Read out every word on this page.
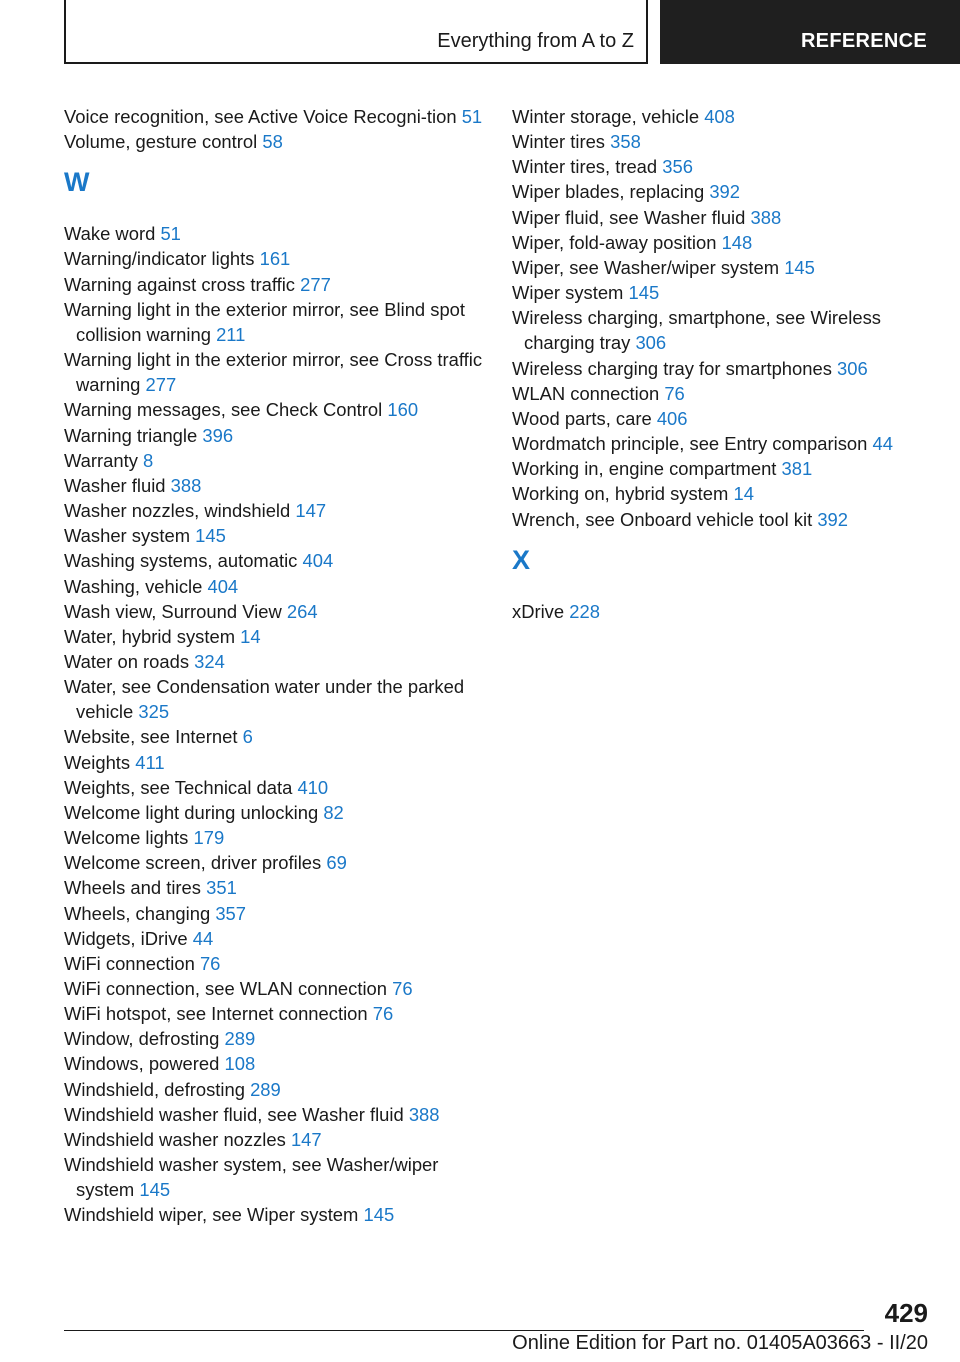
Everything from A to Z	REFERENCE
Voice recognition, see Active Voice Recogni-tion 51
Volume, gesture control 58
W
Wake word 51
Warning/indicator lights 161
Warning against cross traffic 277
Warning light in the exterior mirror, see Blind spot collision warning 211
Warning light in the exterior mirror, see Cross traffic warning 277
Warning messages, see Check Control 160
Warning triangle 396
Warranty 8
Washer fluid 388
Washer nozzles, windshield 147
Washer system 145
Washing systems, automatic 404
Washing, vehicle 404
Wash view, Surround View 264
Water, hybrid system 14
Water on roads 324
Water, see Condensation water under the parked vehicle 325
Website, see Internet 6
Weights 411
Weights, see Technical data 410
Welcome light during unlocking 82
Welcome lights 179
Welcome screen, driver profiles 69
Wheels and tires 351
Wheels, changing 357
Widgets, iDrive 44
WiFi connection 76
WiFi connection, see WLAN connection 76
WiFi hotspot, see Internet connection 76
Window, defrosting 289
Windows, powered 108
Windshield, defrosting 289
Windshield washer fluid, see Washer fluid 388
Windshield washer nozzles 147
Windshield washer system, see Washer/wiper system 145
Windshield wiper, see Wiper system 145
Winter storage, vehicle 408
Winter tires 358
Winter tires, tread 356
Wiper blades, replacing 392
Wiper fluid, see Washer fluid 388
Wiper, fold-away position 148
Wiper, see Washer/wiper system 145
Wiper system 145
Wireless charging, smartphone, see Wireless charging tray 306
Wireless charging tray for smartphones 306
WLAN connection 76
Wood parts, care 406
Wordmatch principle, see Entry comparison 44
Working in, engine compartment 381
Working on, hybrid system 14
Wrench, see Onboard vehicle tool kit 392
X
xDrive 228
429
Online Edition for Part no. 01405A03663 - II/20
